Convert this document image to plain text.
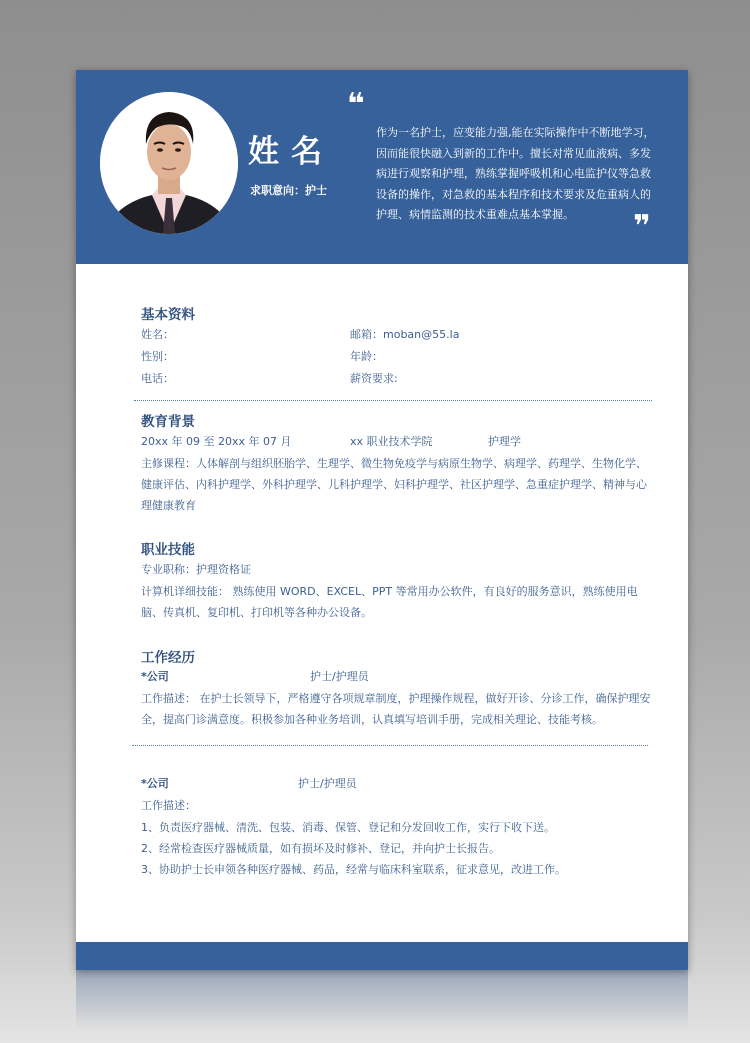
姓名
求职意向：护士
❝
作为一名护士，应变能力强,能在实际操作中不断地学习，因而能很快融入到新的工作中。擅长对常见血液病、多发病进行观察和护理，熟练掌握呼吸机和心电监护仪等急救设备的操作，对急救的基本程序和技术要求及危重病人的护理、病情监测的技术重难点基本掌握。	❞
基本资料
姓名：	邮箱：moban@55.la
性别：	年龄：
电话：	薪资要求:
教育背景
20xx 年 09 至 20xx 年 07 月	xx 职业技术学院	护理学
主修课程：人体解剖与组织胚胎学、生理学、微生物免疫学与病原生物学、病理学、药理学、生物化学、健康评估、内科护理学、外科护理学、儿科护理学、妇科护理学、社区护理学、急重症护理学、精神与心理健康教育
职业技能
专业职称：护理资格证
计算机详细技能： 熟练使用 WORD、EXCEL、PPT 等常用办公软件，有良好的服务意识，熟练使用电脑、传真机、复印机、打印机等各种办公设备。
工作经历
*公司	护士/护理员
工作描述： 在护士长领导下，严格遵守各项规章制度，护理操作规程，做好开诊、分诊工作，确保护理安全，提高门诊满意度。积极参加各种业务培训，认真填写培训手册，完成相关理论、技能考核。
*公司	护士/护理员
工作描述：
1、负责医疗器械、清洗、包装、消毒、保管、登记和分发回收工作，实行下收下送。
2、经常检查医疗器械质量，如有损坏及时修补、登记，并向护士长报告。
3、协助护士长申领各种医疗器械、药品，经常与临床科室联系，征求意见，改进工作。
